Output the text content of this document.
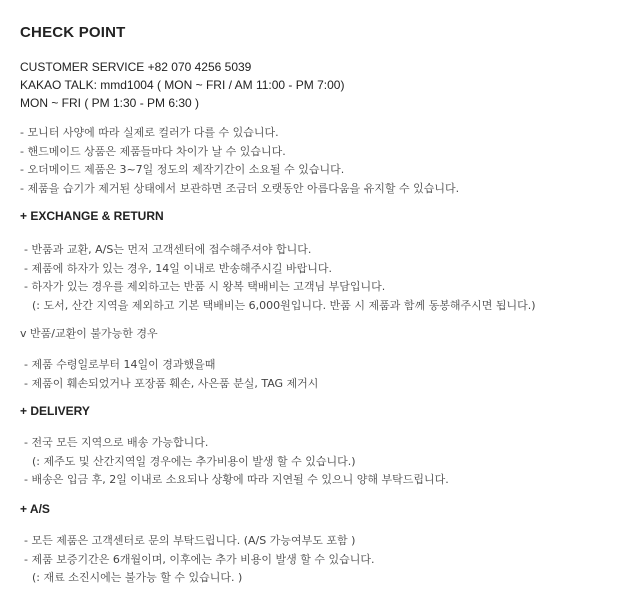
CHECK POINT
CUSTOMER SERVICE +82 070 4256 5039
KAKAO TALK: mmd1004 ( MON ~ FRI / AM 11:00 - PM 7:00)
MON ~ FRI ( PM 1:30 - PM 6:30 )
- 모니터 사양에 따라 실제로 컬러가 다를 수 있습니다.
- 핸드메이드 상품은 제품들마다 차이가 날 수 있습니다.
- 오더메이드 제품은 3~7일 정도의 제작기간이 소요될 수 있습니다.
- 제품을 습기가 제거된 상태에서 보관하면 조금더 오랫동안 아름다움을 유지할 수 있습니다.
+ EXCHANGE & RETURN
- 반품과 교환, A/S는 먼저 고객센터에 접수해주셔야 합니다.
- 제품에 하자가 있는 경우, 14일 이내로 반송해주시길 바랍니다.
- 하자가 있는 경우를 제외하고는 반품 시 왕복 택배비는 고객님 부담입니다.
(: 도서, 산간 지역을 제외하고 기본 택배비는 6,000원입니다. 반품 시 제품과 함께 동봉해주시면 됩니다.)
v 반품/교환이 불가능한 경우
- 제품 수령일로부터 14일이 경과했을때
- 제품이 훼손되었거나 포장품 훼손, 사은품 분실, TAG 제거시
+ DELIVERY
- 전국 모든 지역으로 배송 가능합니다.
(: 제주도 및 산간지역일 경우에는 추가비용이 발생 할 수 있습니다.)
- 배송은 입금 후, 2일 이내로 소요되나 상황에 따라 지연될 수 있으니 양해 부탁드립니다.
+ A/S
- 모든 제품은 고객센터로 문의 부탁드립니다. (A/S 가능여부도 포함 )
- 제품 보증기간은 6개월이며, 이후에는 추가 비용이 발생 할 수 있습니다.
(: 재료 소진시에는 불가능 할 수 있습니다. )
